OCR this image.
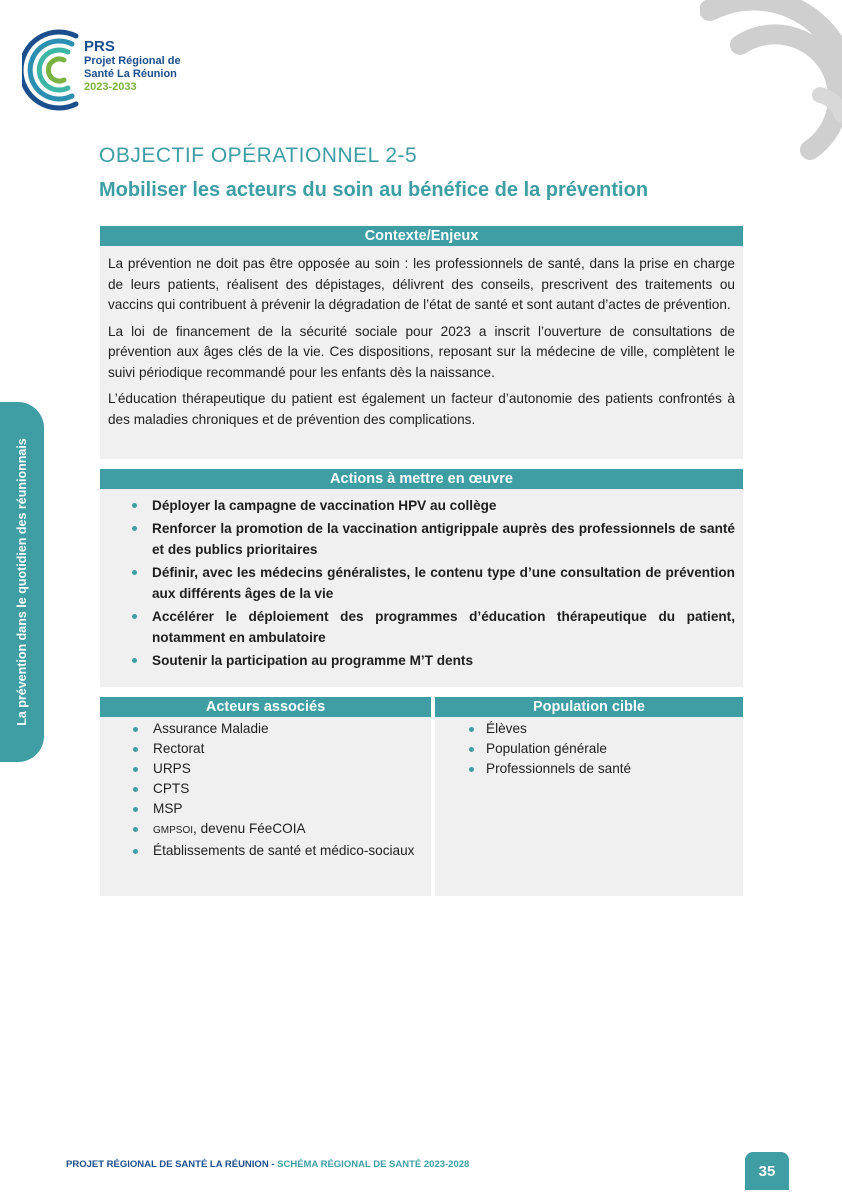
PRS
Projet Régional de
Santé La Réunion
2023-2033
La prévention dans le quotidien des réunionnais
OBJECTIF OPÉRATIONNEL 2-5
Mobiliser les acteurs du soin au bénéfice de la prévention
Contexte/Enjeux

La prévention ne doit pas être opposée au soin : les professionnels de santé, dans la prise en charge de leurs patients, réalisent des dépistages, délivrent des conseils, prescrivent des traitements ou vaccins qui contribuent à prévenir la dégradation de l’état de santé et sont autant d’actes de prévention.

La loi de financement de la sécurité sociale pour 2023 a inscrit l’ouverture de consultations de prévention aux âges clés de la vie. Ces dispositions, reposant sur la médecine de ville, complètent le suivi périodique recommandé pour les enfants dès la naissance.

L’éducation thérapeutique du patient est également un facteur d’autonomie des patients confrontés à des maladies chroniques et de prévention des complications.

Actions à mettre en œuvre
Déployer la campagne de vaccination HPV au collège
Renforcer la promotion de la vaccination antigrippale auprès des professionnels de santé et des publics prioritaires
Définir, avec les médecins généralistes, le contenu type d’une consultation de prévention aux différents âges de la vie
Accélérer le déploiement des programmes d’éducation thérapeutique du patient, notamment en ambulatoire
Soutenir la participation au programme M’T dents
Acteurs associés
Assurance Maladie
Rectorat
URPS
CPTS
MSP
GMPSOI, devenu FéeCOIA
Établissements de santé et médico-sociaux
Population cible
Élèves
Population générale
Professionnels de santé
PROJET RÉGIONAL DE SANTÉ LA RÉUNION - SCHÉMA RÉGIONAL DE SANTÉ 2023-2028	35
